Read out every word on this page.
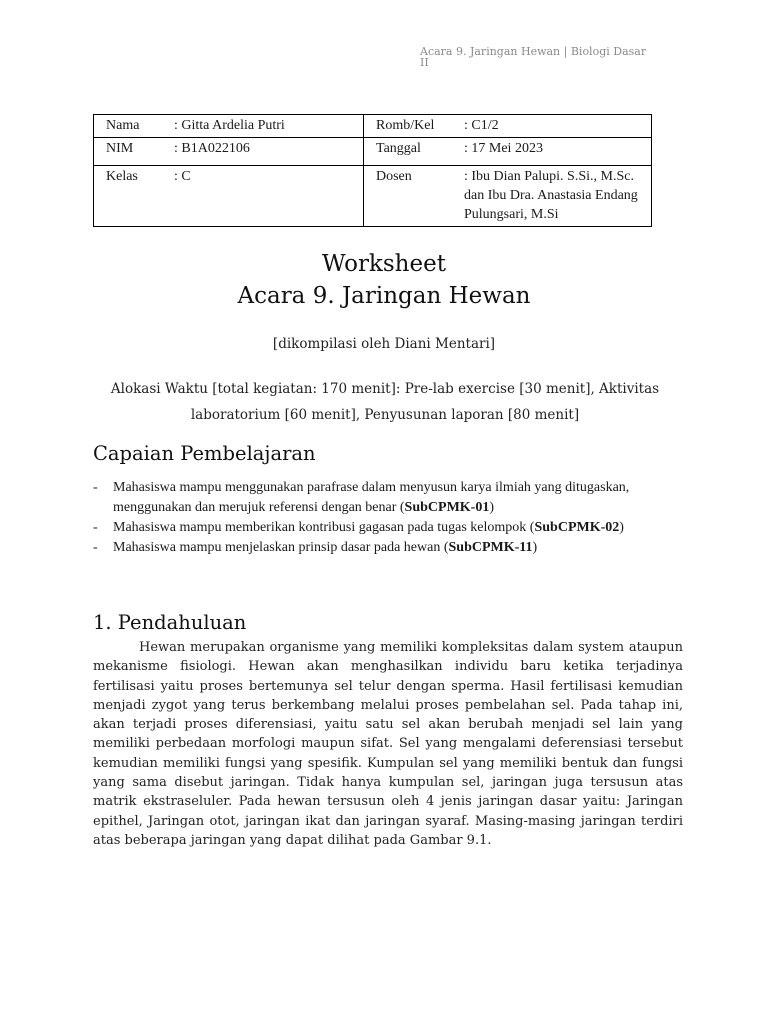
Acara 9. Jaringan Hewan | Biologi Dasar II
Nama : Gitta Ardelia Putri	Romb/Kel : C1/2

NIM : B1A022106	Tanggal : 17 Mei 2023

Kelas : C	Dosen : Ibu Dian Palupi. S.Si., M.Sc. dan Ibu Dra. Anastasia Endang Pulungsari, M.Si
Worksheet
Acara 9. Jaringan Hewan
[dikompilasi oleh Diani Mentari]
Alokasi Waktu [total kegiatan: 170 menit]: Pre-lab exercise [30 menit], Aktivitas laboratorium [60 menit], Penyusunan laporan [80 menit]
Capaian Pembelajaran
-	Mahasiswa mampu menggunakan parafrase dalam menyusun karya ilmiah yang ditugaskan, menggunakan dan merujuk referensi dengan benar (SubCPMK-01)
-	Mahasiswa mampu memberikan kontribusi gagasan pada tugas kelompok (SubCPMK-02)
-	Mahasiswa mampu menjelaskan prinsip dasar pada hewan (SubCPMK-11)
1. Pendahuluan

Hewan merupakan organisme yang memiliki kompleksitas dalam system ataupun mekanisme fisiologi. Hewan akan menghasilkan individu baru ketika terjadinya fertilisasi yaitu proses bertemunya sel telur dengan sperma. Hasil fertilisasi kemudian menjadi zygot yang terus berkembang melalui proses pembelahan sel. Pada tahap ini, akan terjadi proses diferensiasi, yaitu satu sel akan berubah menjadi sel lain yang memiliki perbedaan morfologi maupun sifat. Sel yang mengalami deferensiasi tersebut kemudian memiliki fungsi yang spesifik. Kumpulan sel yang memiliki bentuk dan fungsi yang sama disebut jaringan. Tidak hanya kumpulan sel, jaringan juga tersusun atas matrik ekstraseluler. Pada hewan tersusun oleh 4 jenis jaringan dasar yaitu: Jaringan epithel, Jaringan otot, jaringan ikat dan jaringan syaraf. Masing-masing jaringan terdiri atas beberapa jaringan yang dapat dilihat pada Gambar 9.1.
